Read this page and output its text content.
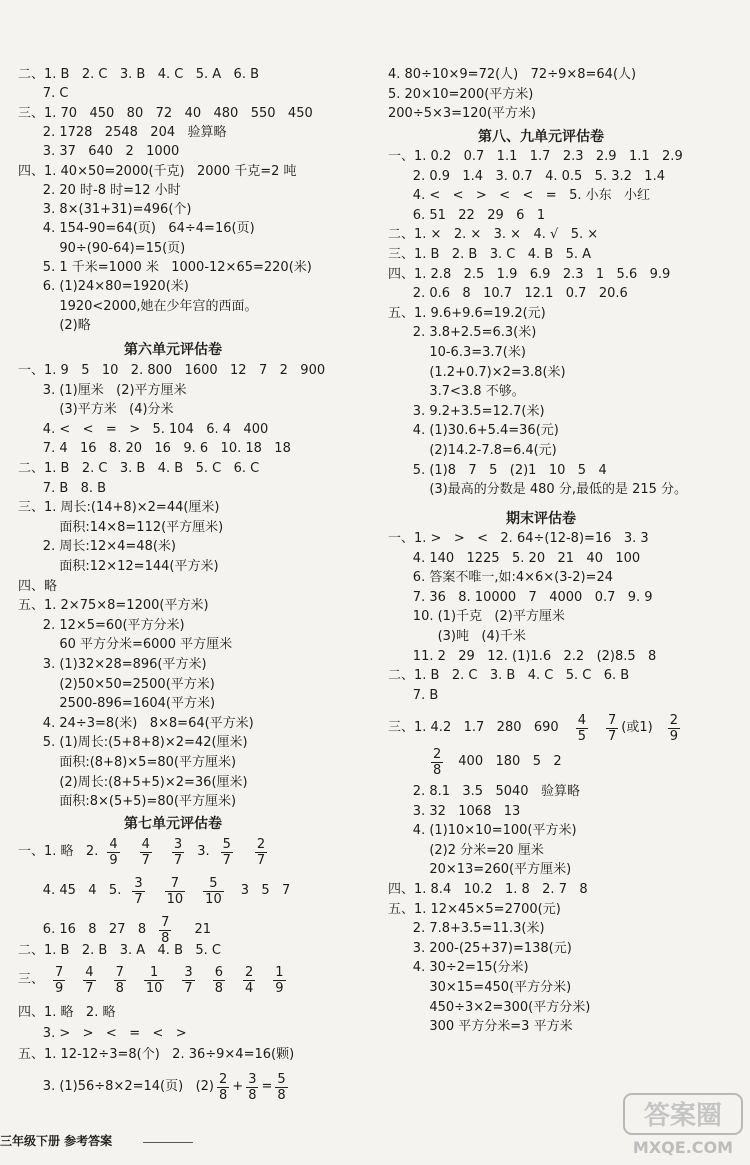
二、1. B   2. C   3. B   4. C   5. A   6. B
7. C
三、1. 70   450   80   72   40   480   550   450
2. 1728   2548   204   验算略
3. 37   640   2   1000
四、1. 40×50=2000(千克)   2000 千克=2 吨
2. 20 时-8 时=12 小时
3. 8×(31+31)=496(个)
4. 154-90=64(页)   64÷4=16(页)
90÷(90-64)=15(页)
5. 1 千米=1000 米   1000-12×65=220(米)
6. (1)24×80=1920(米)
1920<2000,她在少年宫的西面。
(2)略
第六单元评估卷
一、1. 9   5   10   2. 800   1600   12   7   2   900
3. (1)厘米   (2)平方厘米
(3)平方米   (4)分米
4. <   <   =   >   5. 104   6. 4   400
7. 4   16   8. 20   16   9. 6   10. 18   18
二、1. B   2. C   3. B   4. B   5. C   6. C
7. B   8. B
三、1. 周长:(14+8)×2=44(厘米)
面积:14×8=112(平方厘米)
2. 周长:12×4=48(米)
面积:12×12=144(平方米)
四、略
五、1. 2×75×8=1200(平方米)
2. 12×5=60(平方分米)
60 平方分米=6000 平方厘米
3. (1)32×28=896(平方米)
(2)50×50=2500(平方米)
2500-896=1604(平方米)
4. 24÷3=8(米)   8×8=64(平方米)
5. (1)周长:(5+8+8)×2=42(厘米)
面积:(8+8)×5=80(平方厘米)
(2)周长:(8+5+5)×2=36(厘米)
面积:8×(5+5)=80(平方厘米)
第七单元评估卷
一、1. 略   2. 4
9
4
7
3
7
3. 5
7
2
7
4. 45   4   5. 3
7
7
10
5
10
3   5   7
6. 16   8   27   8 7
8
21
二、1. B   2. B   3. A   4. B   5. C
三、 7
9
4
7
7
8
1
10
3
7
6
8
2
4
1
9
四、1. 略   2. 略
3. >   >   <   =   <   >
五、1. 12-12÷3=8(个)   2. 36÷9×4=16(颗)
3. (1)56÷8×2=14(页)   (2) 2
8
+ $\frac{3}{8} = \frac{5}{8}$
4. 80÷10×9=72(人)   72÷9×8=64(人)
5. 20×10=200(平方米)
200÷5×3=120(平方米)
第八、九单元评估卷
一、1. 0.2   0.7   1.1   1.7   2.3   2.9   1.1   2.9
2. 0.9   1.4   3. 0.7   4. 0.5   5. 3.2   1.4
4. <   <   >   <   <   =   5. 小东   小红
6. 51   22   29   6   1
二、1. ×   2. ×   3. ×   4. √   5. ×
三、1. B   2. B   3. C   4. B   5. A
四、1. 2.8   2.5   1.9   6.9   2.3   1   5.6   9.9
2. 0.6   8   10.7   12.1   0.7   20.6
五、1. 9.6+9.6=19.2(元)
2. 3.8+2.5=6.3(米)
10-6.3=3.7(米)
(1.2+0.7)×2=3.8(米)
3.7<3.8 不够。
3. 9.2+3.5=12.7(米)
4. (1)30.6+5.4=36(元)
(2)14.2-7.8=6.4(元)
5. (1)8   7   5   (2)1   10   5   4
(3)最高的分数是 480 分,最低的是 215 分。
期末评估卷
一、1. >   >   <   2. 64÷(12-8)=16   3. 3
4. 140   1225   5. 20   21   40   100
6. 答案不唯一,如:4×6×(3-2)=24
7. 36   8. 10000   7   4000   0.7   9. 9
10. (1)千克   (2)平方厘米
(3)吨   (4)千米
11. 2   29   12. (1)1.6   2.2   (2)8.5   8
二、1. B   2. C   3. B   4. C   5. C   6. B
7. B
三、1. 4.2   1.7   280   690 4
5
7
7
(或1) 2
9
2
8
400   180   5   2
2. 8.1   3.5   5040   验算略
3. 32   1068   13
4. (1)10×10=100(平方米)
(2)2 分米=20 厘米
20×13=260(平方厘米)
四、1. 8.4   10.2   1. 8   2. 7   8
五、1. 12×45×5=2700(元)
2. 7.8+3.5=11.3(米)
3. 200-(25+37)=138(元)
4. 30÷2=15(分米)
30×15=450(平方分米)
450÷3×2=300(平方分米)
300 平方分米=3 平方米
三年级下册 参考答案
答案圈
MXQE.COM
